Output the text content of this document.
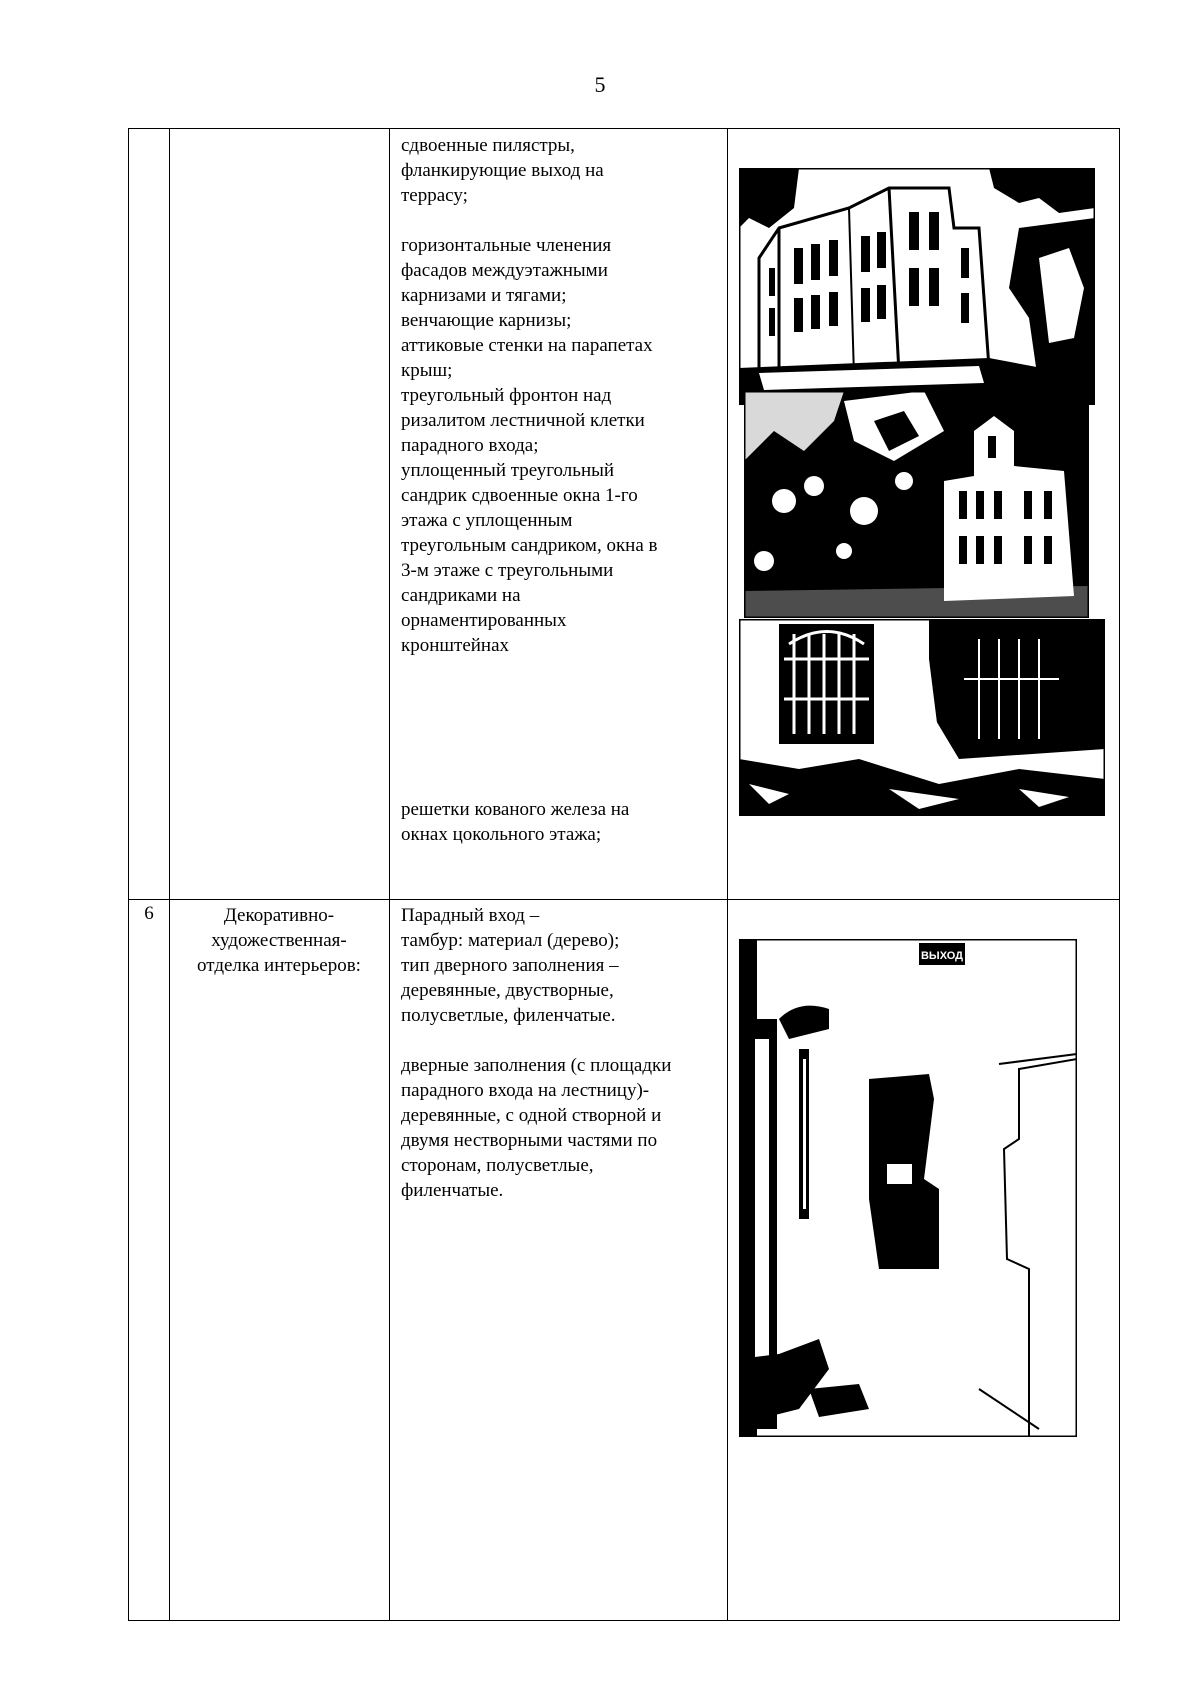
5
сдвоенные пилястры,
фланкирующие выход на
террасу;
горизонтальные членения
фасадов междуэтажными
карнизами и тягами;
венчающие карнизы;
аттиковые стенки на парапетах
крыш;
треугольный фронтон над
ризалитом лестничной клетки
парадного входа;
уплощенный треугольный
сандрик сдвоенные окна 1-го
этажа с уплощенным
треугольным сандриком, окна в
3-м этаже с треугольными
сандриками на
орнаментированных
кронштейнах
решетки кованого железа на
окнах цокольного этажа;
6	Декоративно-
художественная-
отделка интерьеров:
Парадный вход –
тамбур: материал (дерево);
тип дверного заполнения –
деревянные, двустворные,
полусветлые, филенчатые.
дверные заполнения (с площадки
парадного входа на лестницу)-
деревянные, с одной створной и
двумя нестворными частями по
сторонам, полусветлые,
филенчатые.
ВЫХОД
